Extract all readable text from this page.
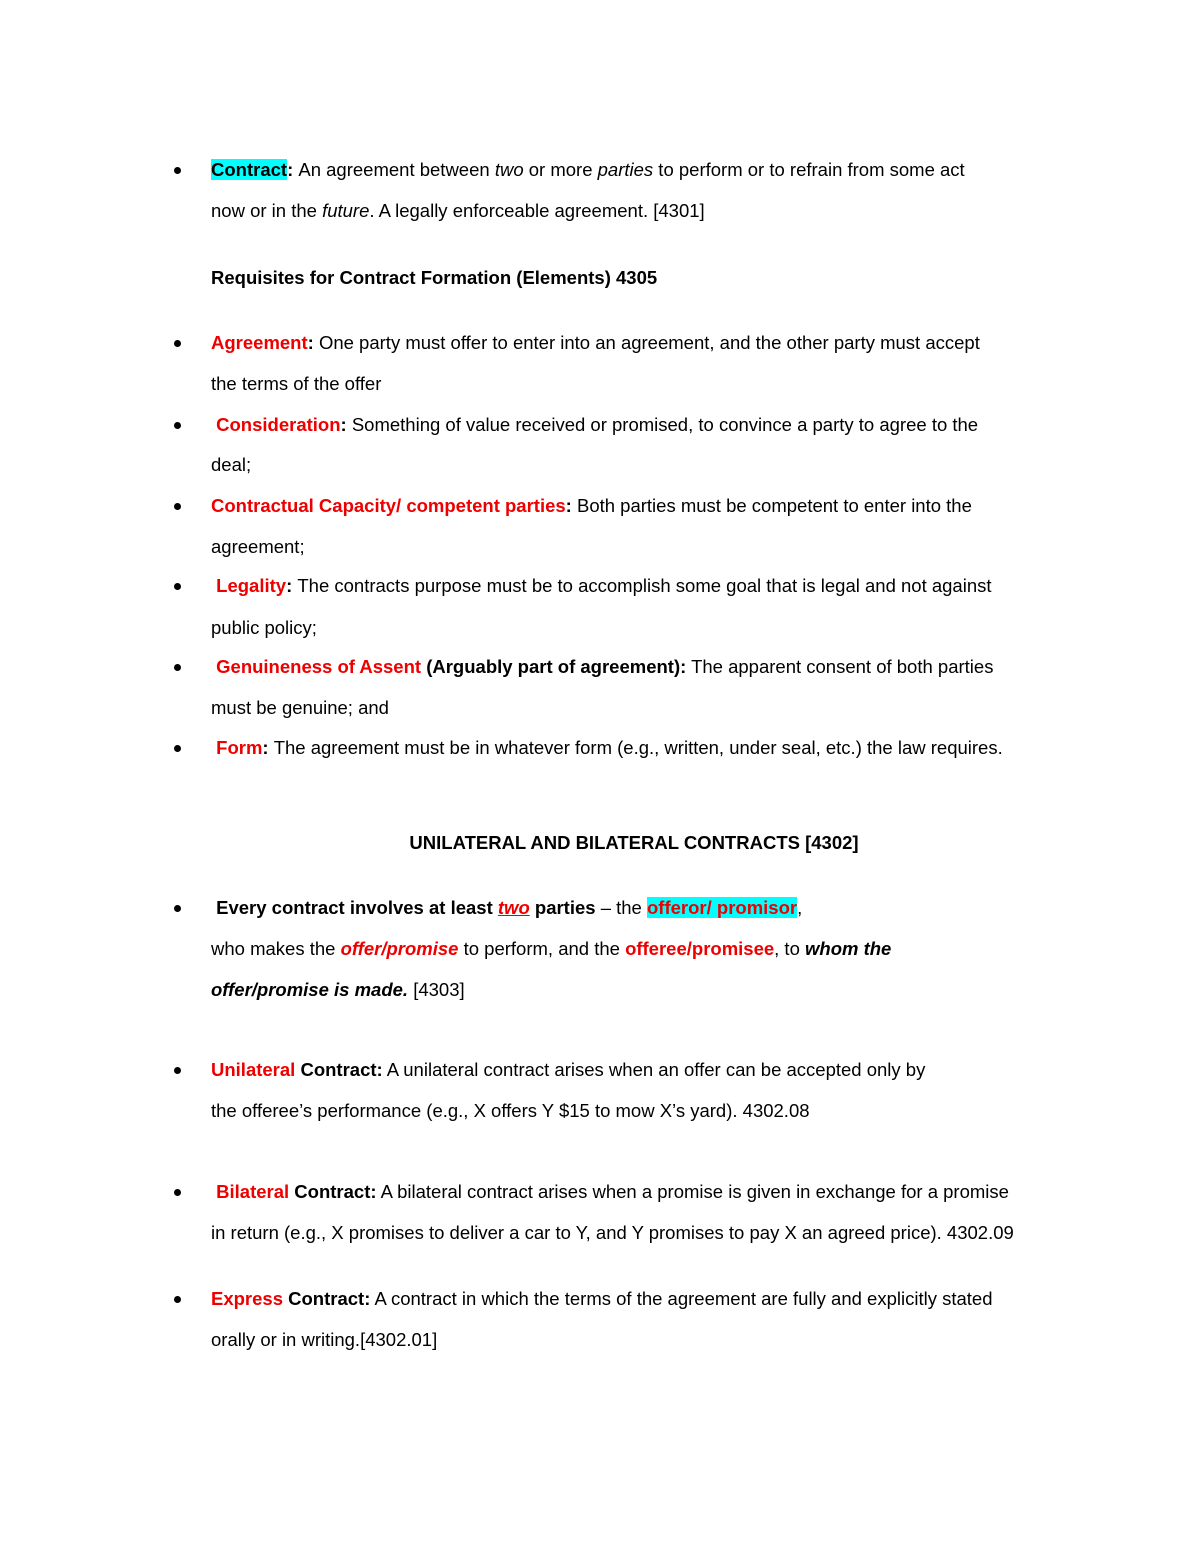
Contract: An agreement between two or more parties to perform or to refrain from some act
now or in the future. A legally enforceable agreement. [4301]
Requisites for Contract Formation (Elements) 4305
Agreement: One party must offer to enter into an agreement, and the other party must accept
the terms of the offer
Consideration: Something of value received or promised, to convince a party to agree to the
deal;
Contractual Capacity/ competent parties: Both parties must be competent to enter into the
agreement;
Legality: The contracts purpose must be to accomplish some goal that is legal and not against
public policy;
Genuineness of Assent (Arguably part of agreement): The apparent consent of both parties
must be genuine; and
Form: The agreement must be in whatever form (e.g., written, under seal, etc.) the law requires.
UNILATERAL AND BILATERAL CONTRACTS [4302]
Every contract involves at least two parties – the offeror/ promisor,
who makes the offer/promise to perform, and the offeree/promisee, to whom the
offer/promise is made. [4303]
Unilateral Contract: A unilateral contract arises when an offer can be accepted only by
the offeree’s performance (e.g., X offers Y $15 to mow X’s yard). 4302.08
Bilateral Contract: A bilateral contract arises when a promise is given in exchange for a promise
in return (e.g., X promises to deliver a car to Y, and Y promises to pay X an agreed price). 4302.09
Express Contract: A contract in which the terms of the agreement are fully and explicitly stated
orally or in writing.[4302.01]
